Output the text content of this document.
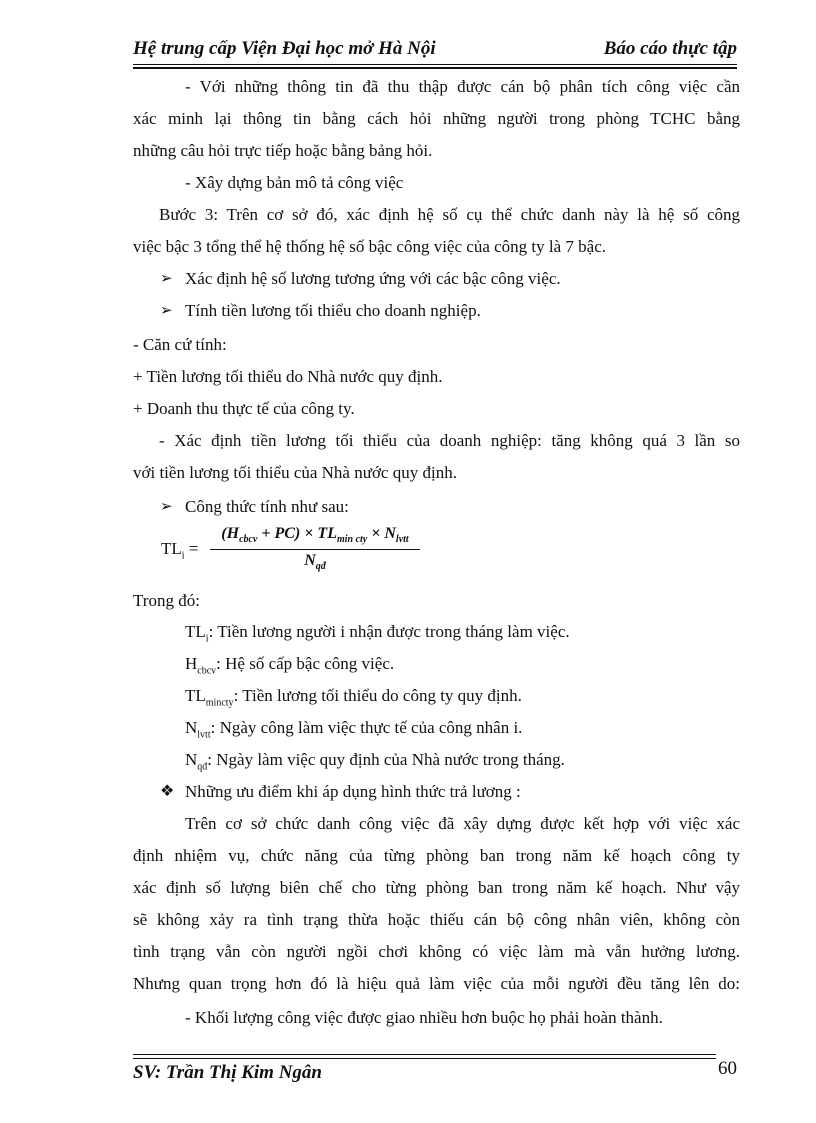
Hệ trung cấp Viện Đại học mở Hà Nội	Báo cáo thực tập
- Với những thông tin đã thu thập được cán bộ phân tích công việc cần
xác minh lại thông tin bằng cách hỏi những người trong phòng TCHC bằng
những câu hỏi trực tiếp hoặc bằng bảng hỏi.
- Xây dựng bản mô tả công việc
Bước 3: Trên cơ sở đó, xác định hệ số cụ thể chức danh này là hệ số công
việc bậc 3 tổng thể hệ thống hệ số bậc công việc của công ty là 7 bậc.
➢ Xác định hệ số lương tương ứng với các bậc công việc.
➢ Tính tiền lương tối thiểu cho doanh nghiệp.
- Căn cứ tính:
+ Tiền lương tối thiểu do Nhà nước quy định.
+ Doanh thu thực tế của công ty.
- Xác định tiền lương tối thiểu của doanh nghiệp: tăng không quá 3 lần so
với tiền lương tối thiểu của Nhà nước quy định.
➢ Công thức tính như sau:
Trong đó:
$TL_i$: Tiền lương người i nhận được trong tháng làm việc.
$H_{cbcv}$: Hệ số cấp bậc công việc.
$TL_{mincty}$: Tiền lương tối thiểu do công ty quy định.
$N_{lvtt}$: Ngày công làm việc thực tế của công nhân i.
$N_{qđ}$: Ngày làm việc quy định của Nhà nước trong tháng.
❖ Những ưu điểm khi áp dụng hình thức trả lương :
Trên cơ sở chức danh công việc đã xây dựng được kết hợp với việc xác
định nhiệm vụ, chức năng của từng phòng ban trong năm kế hoạch công ty
xác định số lượng biên chế cho từng phòng ban trong năm kế hoạch. Như vậy
sẽ không xảy ra tình trạng thừa hoặc thiếu cán bộ công nhân viên, không còn
tình trạng vẫn còn người ngồi chơi không có việc làm mà vẫn hưởng lương.
Nhưng quan trọng hơn đó là hiệu quả làm việc của mỗi người đều tăng lên do:
- Khối lượng công việc được giao nhiều hơn buộc họ phải hoàn thành.
$TL_i$ =
$(H_{cbcv} + PC) \times TL_{min cty} \times N_{lvtt}$
$N_{qđ}$
SV: Trần Thị Kim Ngân	60
